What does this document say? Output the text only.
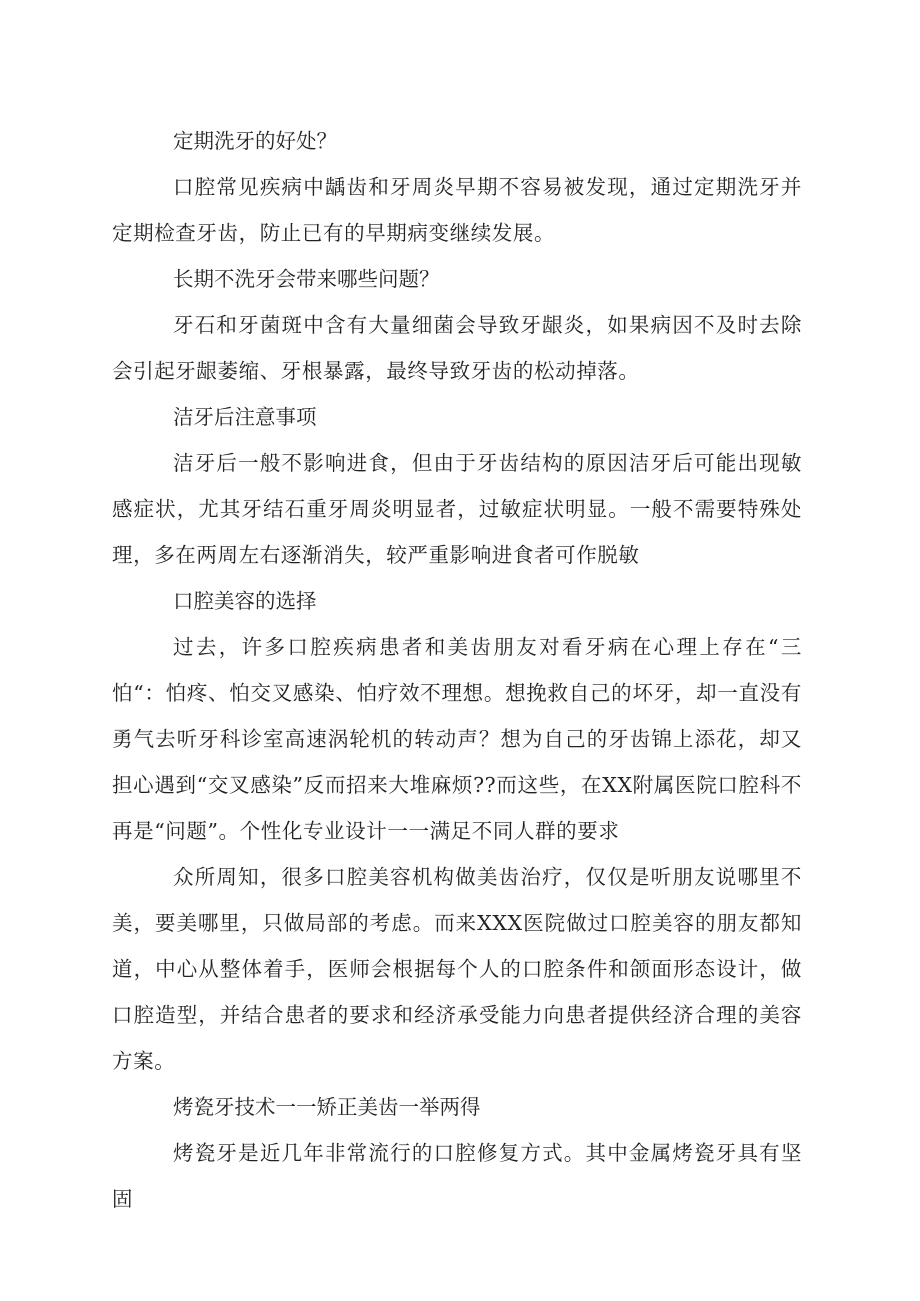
定期洗牙的好处？

口腔常见疾病中龋齿和牙周炎早期不容易被发现，通过定期洗牙并定期检查牙齿，防止已有的早期病变继续发展。

长期不洗牙会带来哪些问题？

牙石和牙菌斑中含有大量细菌会导致牙龈炎，如果病因不及时去除会引起牙龈萎缩、牙根暴露，最终导致牙齿的松动掉落。

洁牙后注意事项

洁牙后一般不影响进食，但由于牙齿结构的原因洁牙后可能出现敏感症状，尤其牙结石重牙周炎明显者，过敏症状明显。一般不需要特殊处理，多在两周左右逐渐消失，较严重影响进食者可作脱敏

口腔美容的选择

过去，许多口腔疾病患者和美齿朋友对看牙病在心理上存在“三怕“：怕疼、怕交叉感染、怕疗效不理想。想挽救自己的坏牙，却一直没有勇气去听牙科诊室高速涡轮机的转动声？想为自己的牙齿锦上添花，却又担心遇到“交叉感染”反而招来大堆麻烦??而这些，在XX附属医院口腔科不再是“问题”。个性化专业设计一一满足不同人群的要求

众所周知，很多口腔美容机构做美齿治疗，仅仅是听朋友说哪里不美，要美哪里，只做局部的考虑。而来XXX医院做过口腔美容的朋友都知道，中心从整体着手，医师会根据每个人的口腔条件和颌面形态设计，做口腔造型，并结合患者的要求和经济承受能力向患者提供经济合理的美容方案。

烤瓷牙技术一一矫正美齿一举两得

烤瓷牙是近几年非常流行的口腔修复方式。其中金属烤瓷牙具有坚固
